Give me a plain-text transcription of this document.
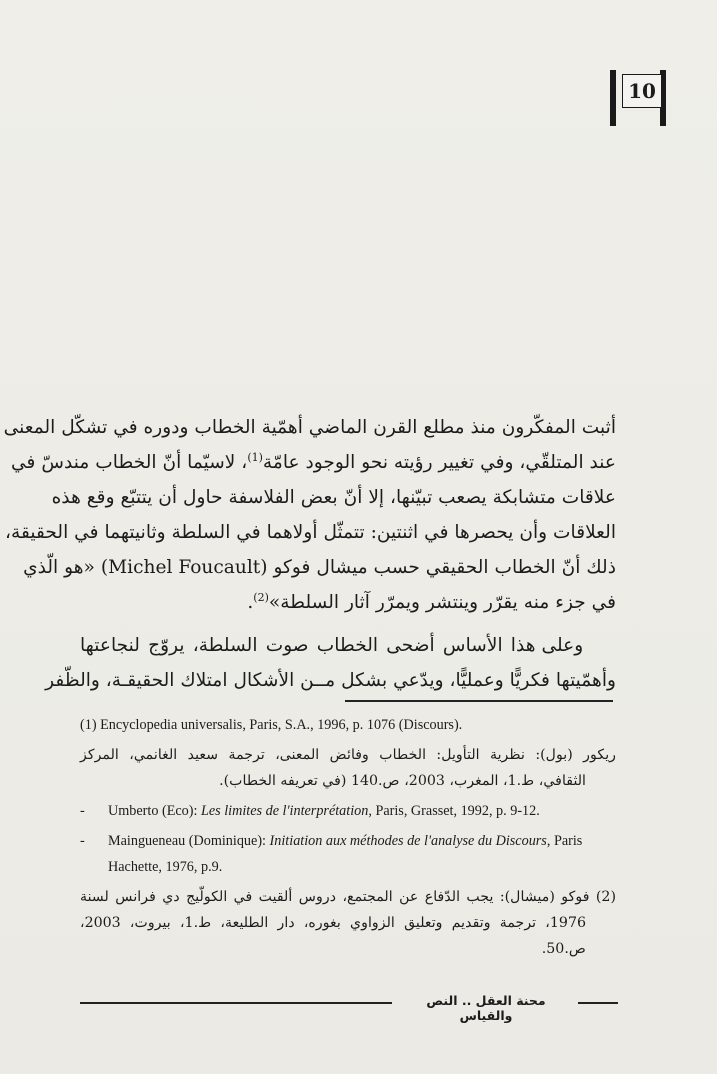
10

أثبت المفكّرون منذ مطلع القرن الماضي أهمّية الخطاب ودوره في تشكّل المعنى
عند المتلقّي، وفي تغيير رؤيته نحو الوجود عامّة$^{(1)}$، لاسيّما أنّ الخطاب مندسّ في
علاقات متشابكة يصعب تبيّنها، إلا أنّ بعض الفلاسفة حاول أن يتتبّع وقع هذه
العلاقات وأن يحصرها في اثنتين: تتمثّل أولاهما في السلطة وثانيتهما في الحقيقة،
ذلك أنّ الخطاب الحقيقي حسب ميشال فوكو (Michel Foucault) «هو الّذي
في جزء منه يقرّر وينتشر ويمرّر آثار السلطة»$^{(2)}$.

وعلى هذا الأساس أضحى الخطاب صوت السلطة، يروّج لنجاعتها
وأهمّيتها فكريًّا وعمليًّا، ويدّعي بشكل مــن الأشكال امتلاك الحقيقـة، والظّفر

(1) Encyclopedia universalis, Paris, S.A., 1996, p. 1076 (Discours).
ريكور (بول): نظرية التأويل: الخطاب وفائض المعنى، ترجمة سعيد الغانمي، المركز
الثقافي، ط.1، المغرب، 2003، ص.140 (في تعريفه الخطاب).
-	Umberto (Eco): Les limites de l'interprétation, Paris, Grasset, 1992, p. 9-12.
-	Maingueneau (Dominique): Initiation aux méthodes de l'analyse du Discours, Paris Hachette, 1976, p.9.
(2) فوكو (ميشال): يجب الدّفاع عن المجتمع، دروس ألقيت في الكولّيج دي فرانس لسنة
1976، ترجمة وتقديم وتعليق الزواوي بغوره، دار الطليعة، ط.1، بيروت، 2003،
ص.50.
محنة العقل .. النص والقياس
